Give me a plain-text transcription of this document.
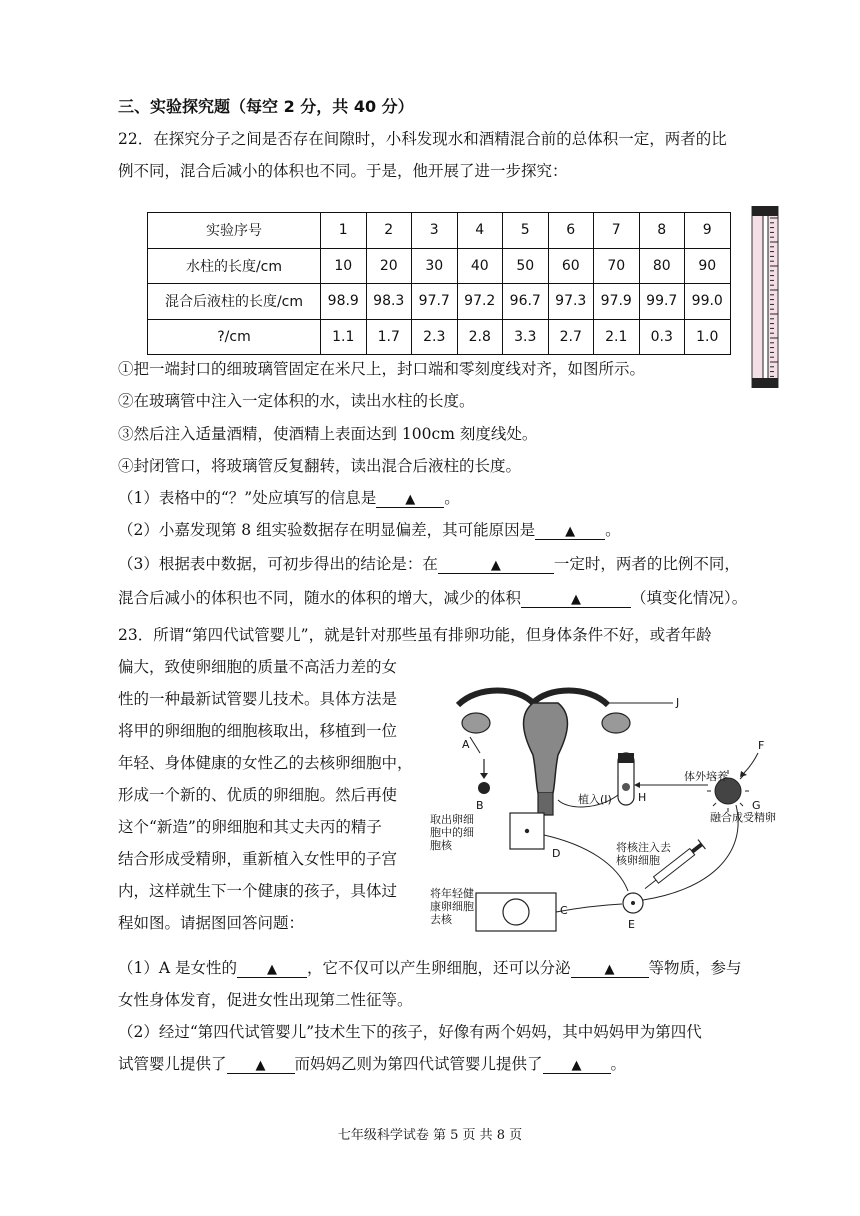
三、实验探究题（每空 2 分，共 40 分）
22．在探究分子之间是否存在间隙时，小科发现水和酒精混合前的总体积一定，两者的比
例不同，混合后减小的体积也不同。于是，他开展了进一步探究：
实验序号	1	2	3	4	5	6	7	8	9
水柱的长度/cm	10	20	30	40	50	60	70	80	90
混合后液柱的长度/cm	98.9	98.3	97.7	97.2	96.7	97.3	97.9	99.7	99.0
?/cm	1.1	1.7	2.3	2.8	3.3	2.7	2.1	0.3	1.0
①把一端封口的细玻璃管固定在米尺上，封口端和零刻度线对齐，如图所示。
②在玻璃管中注入一定体积的水，读出水柱的长度。
③然后注入适量酒精，使酒精上表面达到 100cm 刻度线处。
④封闭管口，将玻璃管反复翻转，读出混合后液柱的长度。
（1）表格中的“？”处应填写的信息是 ▲ 。
（2）小嘉发现第 8 组实验数据存在明显偏差，其可能原因是 ▲ 。
（3）根据表中数据，可初步得出的结论是：在	▲	一定时，两者的比例不同，
混合后减小的体积也不同，随水的体积的增大，减少的体积	▲	（填变化情况）。
23．所谓“第四代试管婴儿”，就是针对那些虽有排卵功能，但身体条件不好，或者年龄
偏大，致使卵细胞的质量不高活力差的女
性的一种最新试管婴儿技术。具体方法是
将甲的卵细胞的细胞核取出，移植到一位
年轻、身体健康的女性乙的去核卵细胞中，
形成一个新的、优质的卵细胞。然后再使
这个“新造”的卵细胞和其丈夫丙的精子
结合形成受精卵，重新植入女性甲的子宫
内，这样就生下一个健康的孩子，具体过
程如图。请据图回答问题：
J
A
B
F
G
H
D
C
E
体外培养
植入(I)
融合成受精卵
取出卵细
胞中的细
胞核	将核注入去
核卵细胞
将年轻健
康卵细胞
去核
（1）A 是女性的 ▲ ，它不仅可以产生卵细胞，还可以分泌	▲ 等物质，参与
女性身体发育，促进女性出现第二性征等。
（2）经过“第四代试管婴儿”技术生下的孩子，好像有两个妈妈，其中妈妈甲为第四代
试管婴儿提供了 ▲ 而妈妈乙则为第四代试管婴儿提供了 ▲ 。
七年级科学试卷 第 5 页 共 8 页
